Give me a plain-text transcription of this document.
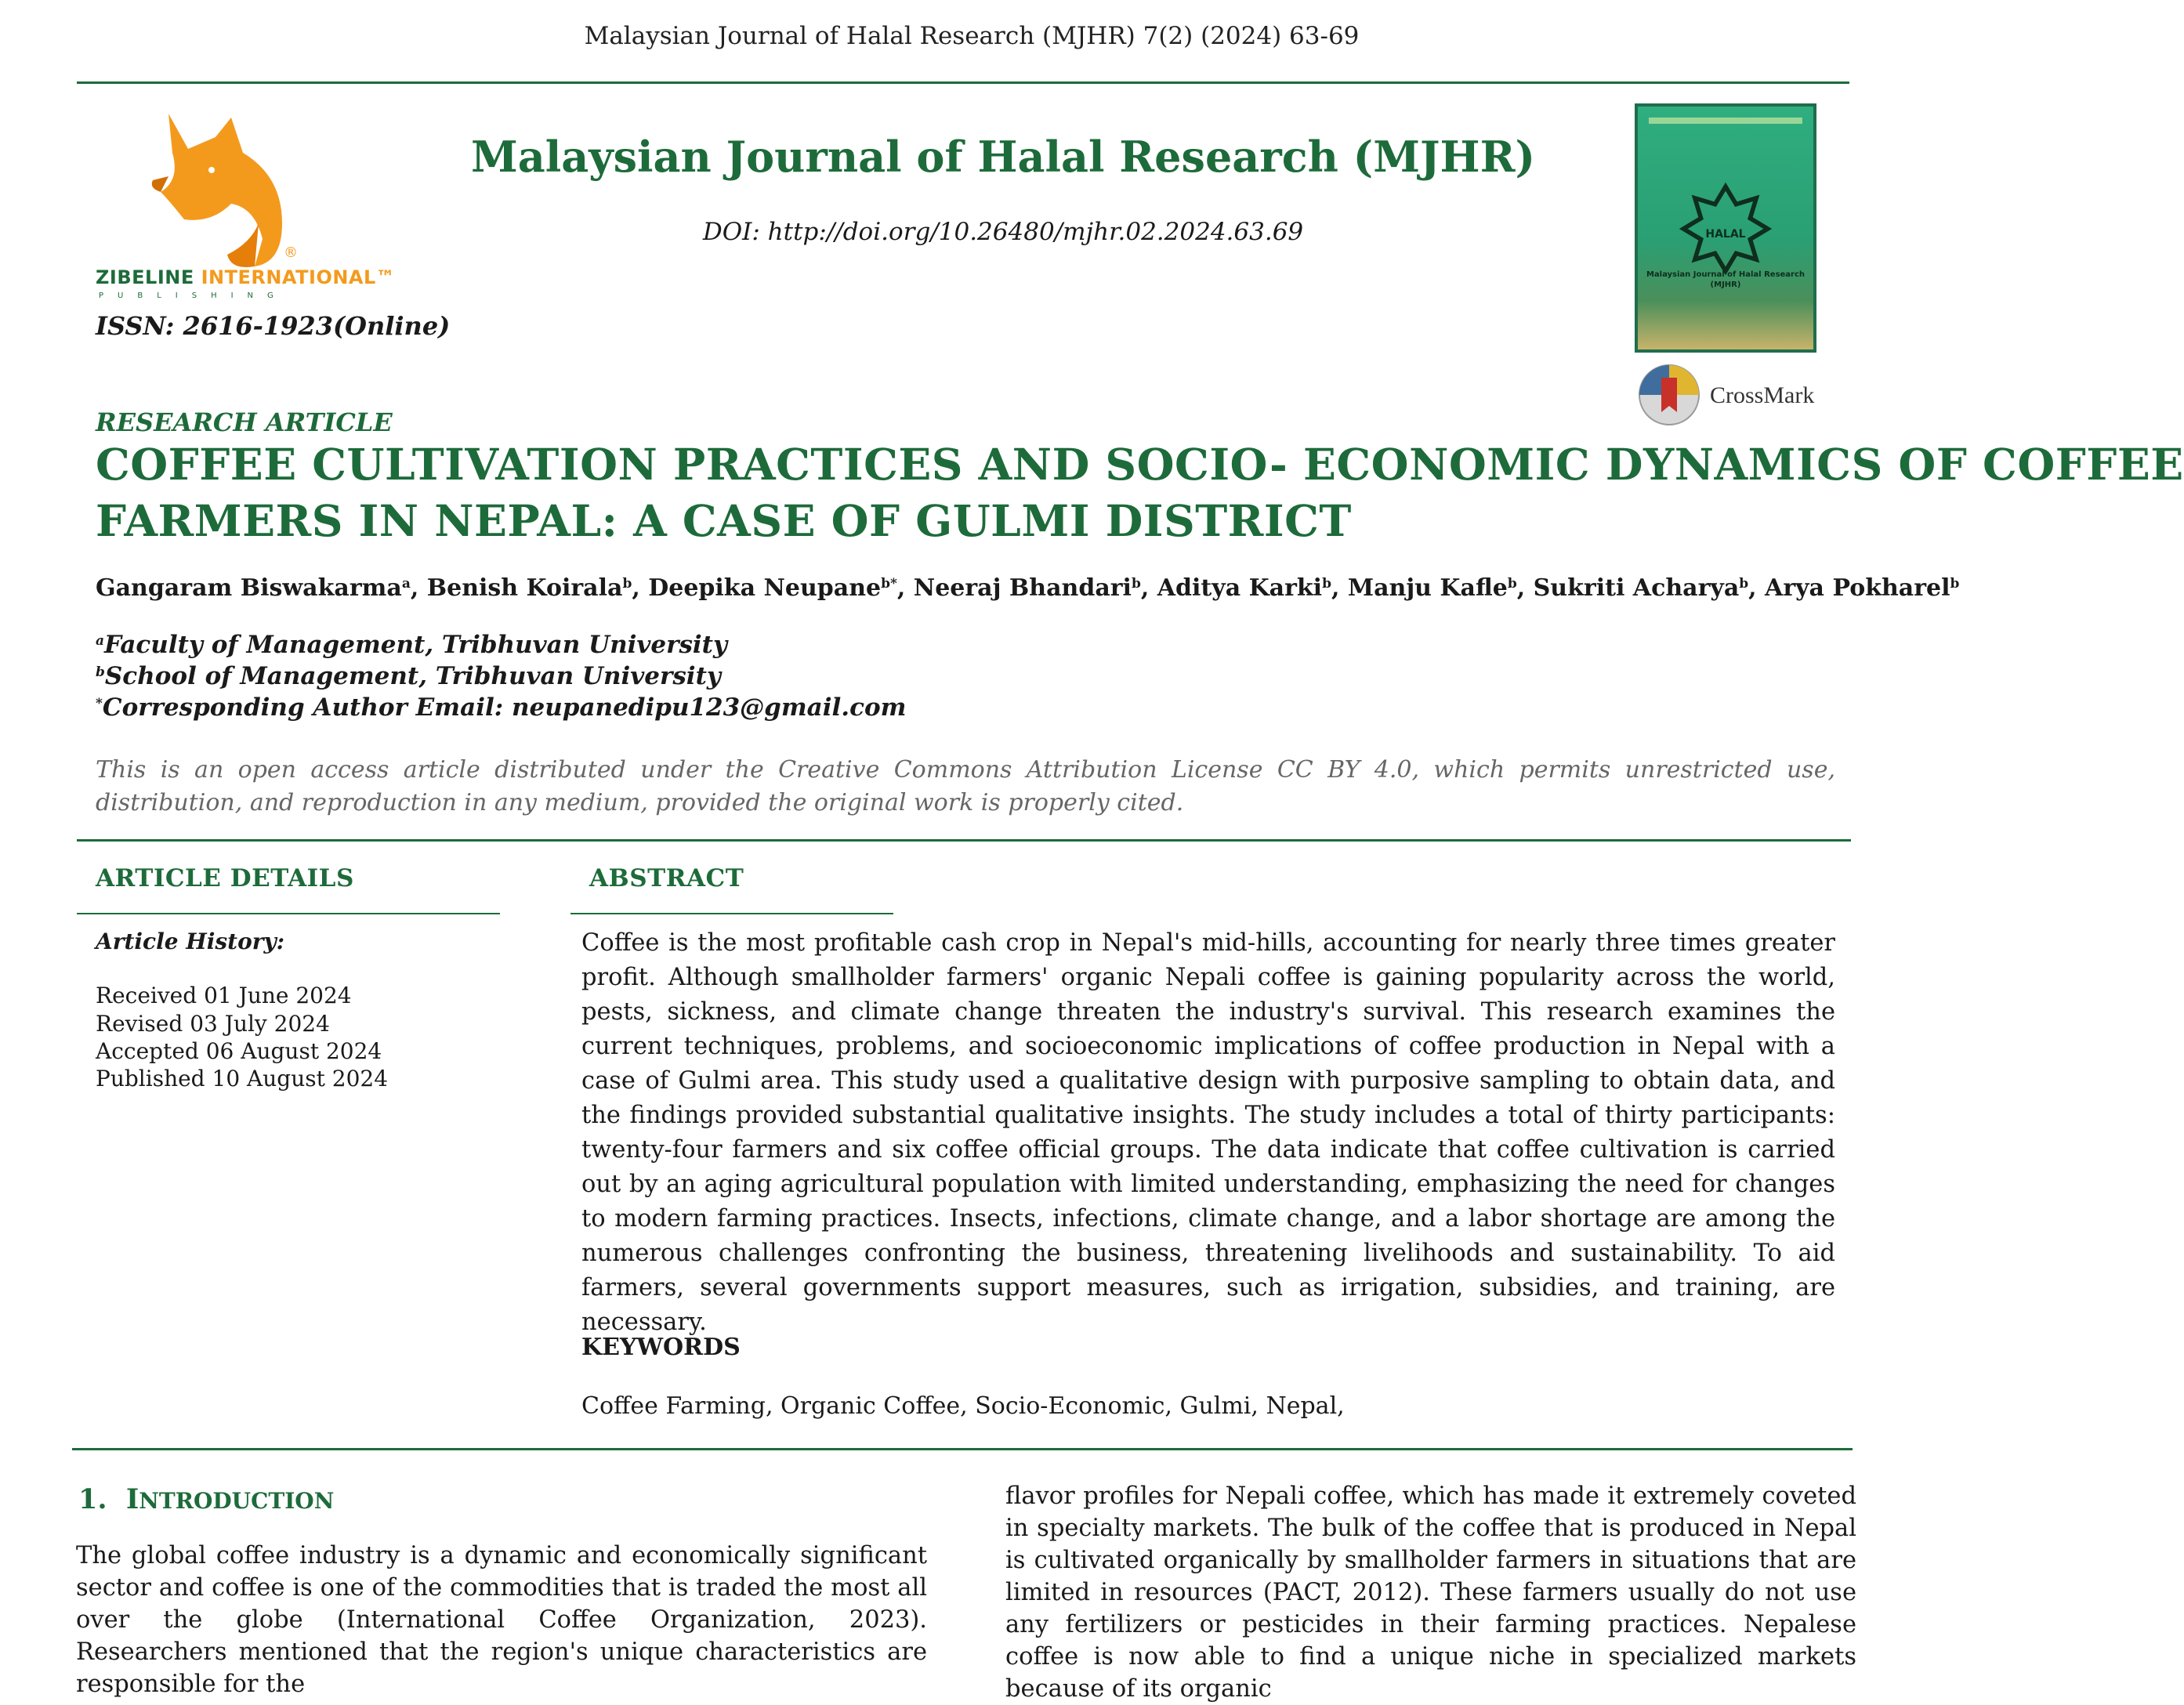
Malaysian Journal of Halal Research (MJHR) 7(2) (2024) 63-69
ZIBELINE INTERNATIONAL™
®
PUBLISHING
ISSN: 2616-1923(Online)
Malaysian Journal of Halal Research (MJHR)
DOI: http://doi.org/10.26480/mjhr.02.2024.63.69	HALAL
Malaysian Journal of Halal Research (MJHR)
CrossMark
RESEARCH ARTICLE
COFFEE CULTIVATION PRACTICES AND SOCIO- ECONOMIC DYNAMICS OF COFFEE
FARMERS IN NEPAL: A CASE OF GULMI DISTRICT
Gangaram Biswakarma$^a$, Benish Koirala$^b$, Deepika Neupane$^{b*}$, Neeraj Bhandari$^b$, Aditya Karki$^b$, Manju Kafle$^b$, Sukriti Acharya$^b$, Arya Pokharel$^b$
$^a$Faculty of Management, Tribhuvan University
$^b$School of Management, Tribhuvan University
*Corresponding Author Email: neupanedipu123@gmail.com
This is an open access article distributed under the Creative Commons Attribution License CC BY 4.0, which permits unrestricted use, distribution, and reproduction in any medium, provided the original work is properly cited.
ARTICLE DETAILS	ABSTRACT
Article History:
Received 01 June 2024
Revised 03 July 2024
Accepted 06 August 2024
Published 10 August 2024
Coffee is the most profitable cash crop in Nepal's mid-hills, accounting for nearly three times greater profit. Although smallholder farmers' organic Nepali coffee is gaining popularity across the world, pests, sickness, and climate change threaten the industry's survival. This research examines the current techniques, problems, and socioeconomic implications of coffee production in Nepal with a case of Gulmi area. This study used a qualitative design with purposive sampling to obtain data, and the findings provided substantial qualitative insights. The study includes a total of thirty participants: twenty-four farmers and six coffee official groups. The data indicate that coffee cultivation is carried out by an aging agricultural population with limited understanding, emphasizing the need for changes to modern farming practices. Insects, infections, climate change, and a labor shortage are among the numerous challenges confronting the business, threatening livelihoods and sustainability. To aid farmers, several governments support measures, such as irrigation, subsidies, and training, are necessary.
KEYWORDS
Coffee Farming, Organic Coffee, Socio-Economic, Gulmi, Nepal,
1. INTRODUCTION
The global coffee industry is a dynamic and economically significant sector and coffee is one of the commodities that is traded the most all over the globe (International Coffee Organization, 2023). Researchers mentioned that the region's unique characteristics are responsible for the
flavor profiles for Nepali coffee, which has made it extremely coveted in specialty markets. The bulk of the coffee that is produced in Nepal is cultivated organically by smallholder farmers in situations that are limited in resources (PACT, 2012). These farmers usually do not use any fertilizers or pesticides in their farming practices. Nepalese coffee is now able to find a unique niche in specialized markets because of its organic
